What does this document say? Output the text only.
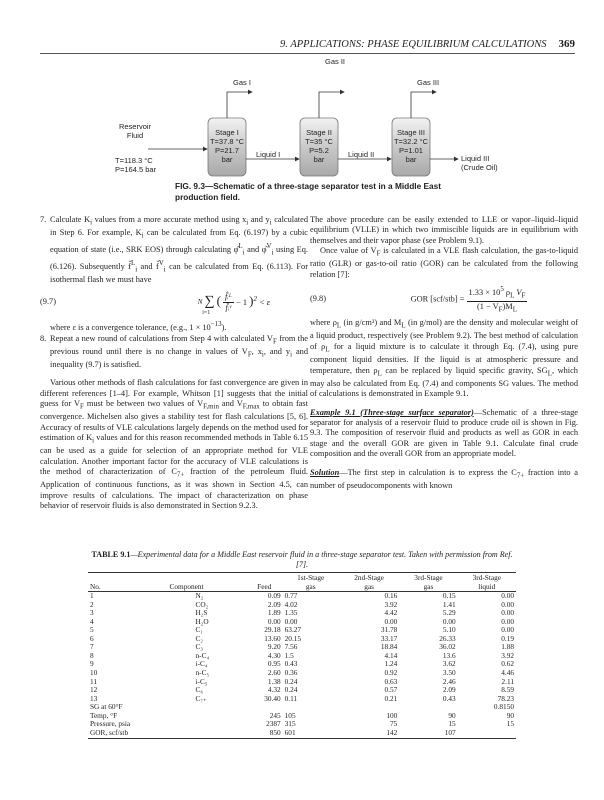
9. APPLICATIONS: PHASE EQUILIBRIUM CALCULATIONS 369
Gas I
Gas II
Gas III
Reservoir
Fluid
T=118.3 °C
P=164.5 bar
Stage I
T=37.8 °C
P=21.7
bar
Stage II
T=35 °C
P=5.2
bar
Stage III
T=32.2 °C
P=1.01
bar
Liquid I	Liquid II	Liquid III
(Crude Oil)
FIG. 9.3—Schematic of a three-stage separator test in a Middle East production field.
7. Calculate $K_i$ values from a more accurate method using $x_i$ and $y_i$ calculated in Step 6. For example, $K_i$ can be calculated from Eq. (6.197) by a cubic equation of state (i.e., SRK EOS) through calculating φ̂$^L_i$ and φ̂$^V_i$ using Eq. (6.126). Subsequently f̂$^L_i$ and f̂$^V_i$ can be calculated from Eq. (6.113). For isothermal flash we must have
(9.7)	N ∑ ( $\frac{\text{f̂ᵢᴸ}}{\text{f̂ᵢᵛ}} - 1$ )$^2$ < ε $_{i=1}$

where ε is a convergence tolerance, (e.g., $1 \times 10^{-13}$).

8. Repeat a new round of calculations from Step 4 with calculated $V_F$ from the previous round until there is no change in values of $V_F$, $x_i$, and $y_i$ and inequality (9.7) is satisfied.

Various other methods of flash calculations for fast convergence are given in different references [1–4]. For example, Whitson [1] suggests that the initial guess for $V_F$ must be between two values of $V_{F,min}$ and $V_{F,max}$ to obtain fast convergence. Michelsen also gives a stability test for flash calculations [5, 6]. Accuracy of results of VLE calculations largely depends on the method used for estimation of $K_i$ values and for this reason recommended methods in Table 6.15 can be used as a guide for selection of an appropriate method for VLE calculation. Another important factor for the accuracy of VLE calculations is the method of characterization of $C_{7+}$ fraction of the petroleum fluid. Application of continuous functions, as it was shown in Section 4.5, can improve results of calculations. The impact of characterization on phase behavior of reservoir fluids is also demonstrated in Section 9.2.3.

The above procedure can be easily extended to LLE or vapor–liquid–liquid equilibrium (VLLE) in which two immiscible liquids are in equilibrium with themselves and their vapor phase (see Problem 9.1).

Once value of $V_F$ is calculated in a VLE flash calculation, the gas-to-liquid ratio (GLR) or gas-to-oil ratio (GOR) can be calculated from the following relation [7]:

(9.8)	GOR $[scf/stb] = \frac{1.33 \times 10^5 \rho_L V_F}{(1 - V_F)M_L}$

where $\rho_L$ (in g/cm³) and $M_L$ (in g/mol) are the density and molecular weight of a liquid product, respectively (see Problem 9.2). The best method of calculation of $\rho_L$ for a liquid mixture is to calculate it through Eq. (7.4), using pure component liquid densities. If the liquid is at atmospheric pressure and temperature, then $\rho_L$ can be replaced by liquid specific gravity, $SG_L$, which may also be calculated from Eq. (7.4) and components SG values. The method of calculations is demonstrated in Example 9.1.

Example 9.1 (Three-stage surface separator)—Schematic of a three-stage separator for analysis of a reservoir fluid to produce crude oil is shown in Fig. 9.3. The composition of reservoir fluid and products as well as GOR in each stage and the overall GOR are given in Table 9.1. Calculate final crude composition and the overall GOR from an appropriate model.

Solution—The first step in calculation is to express the $C_{7+}$ fraction into a number of pseudocomponents with known

TABLE 9.1—Experimental data for a Middle East reservoir fluid in a three-stage separator test. Taken with permission from Ref. [7].
			1st-Stage	2nd-Stage	3rd-Stage	3rd-Stage
No.	Component	Feed	gas	gas	gas	liquid
1	N₂	0.09	0.77	0.16	0.15	0.00
2	CO₂	2.09	4.02	3.92	1.41	0.00
3	H₂S	1.89	1.35	4.42	5.29	0.00
4	H₂O	0.00	0.00	0.00	0.00	0.00
5	C₁	29.18	63.27	31.78	5.10	0.00
6	C₂	13.60	20.15	33.17	26.33	0.19
7	C₃	9.20	7.56	18.84	36.02	1.88
8	n-C₄	4.30	1.5	4.14	13.6	3.92
9	i-C₄	0.95	0.43	1.24	3.62	0.62
10	n-C₅	2.60	0.36	0.92	3.50	4.46
11	i-C₅	1.38	0.24	0.63	2.46	2.11
12	C₆	4.32	0.24	0.57	2.09	8.59
13	C₇₊	30.40	0.11	0.21	0.43	78.23
SG at 60°F						0.8150
Temp, °F		245	105	100	90	90
Pressure, psia		2387	315	75	15	15
GOR, scf/stb		850	601	142	107	
